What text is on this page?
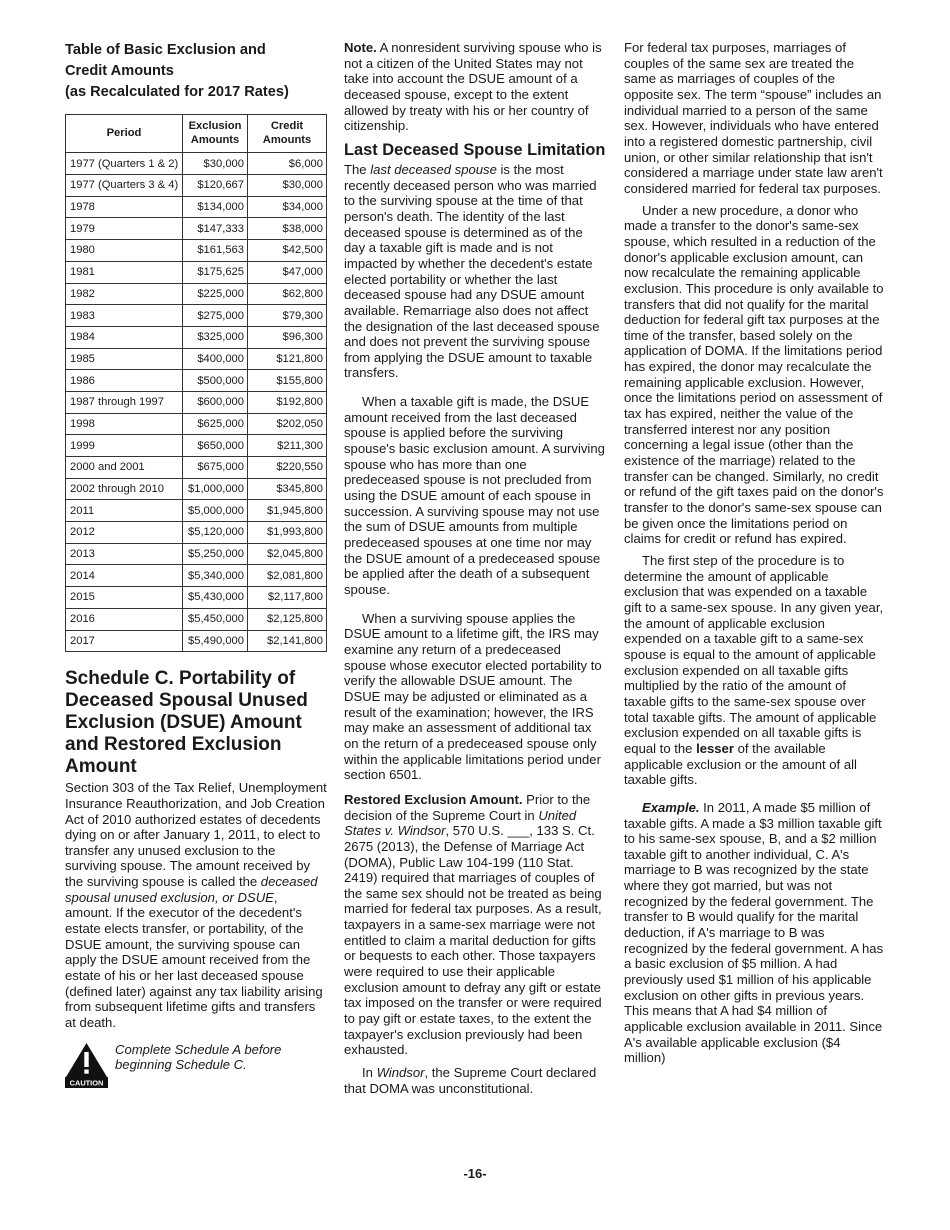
Table of Basic Exclusion and
Credit Amounts
(as Recalculated for 2017 Rates)
Period	Exclusion Amounts	Credit Amounts
1977 (Quarters 1 & 2)	$30,000	$6,000
1977 (Quarters 3 & 4)	$120,667	$30,000
1978	$134,000	$34,000
1979	$147,333	$38,000
1980	$161,563	$42,500
1981	$175,625	$47,000
1982	$225,000	$62,800
1983	$275,000	$79,300
1984	$325,000	$96,300
1985	$400,000	$121,800
1986	$500,000	$155,800
1987 through 1997	$600,000	$192,800
1998	$625,000	$202,050
1999	$650,000	$211,300
2000 and 2001	$675,000	$220,550
2002 through 2010	$1,000,000	$345,800
2011	$5,000,000	$1,945,800
2012	$5,120,000	$1,993,800
2013	$5,250,000	$2,045,800
2014	$5,340,000	$2,081,800
2015	$5,430,000	$2,117,800
2016	$5,450,000	$2,125,800
2017	$5,490,000	$2,141,800
Schedule C. Portability of Deceased Spousal Unused Exclusion (DSUE) Amount and Restored Exclusion Amount

Section 303 of the Tax Relief, Unemployment Insurance Reauthorization, and Job Creation Act of 2010 authorized estates of decedents dying on or after January 1, 2011, to elect to transfer any unused exclusion to the surviving spouse. The amount received by the surviving spouse is called the deceased spousal unused exclusion, or DSUE, amount. If the executor of the decedent's estate elects transfer, or portability, of the DSUE amount, the surviving spouse can apply the DSUE amount received from the estate of his or her last deceased spouse (defined later) against any tax liability arising from subsequent lifetime gifts and transfers at death.

CAUTION

Complete Schedule A before beginning Schedule C.

Note. A nonresident surviving spouse who is not a citizen of the United States may not take into account the DSUE amount of a deceased spouse, except to the extent allowed by treaty with his or her country of citizenship.

Last Deceased Spouse Limitation

The last deceased spouse is the most recently deceased person who was married to the surviving spouse at the time of that person's death. The identity of the last deceased spouse is determined as of the day a taxable gift is made and is not impacted by whether the decedent's estate elected portability or whether the last deceased spouse had any DSUE amount available. Remarriage also does not affect the designation of the last deceased spouse and does not prevent the surviving spouse from applying the DSUE amount to taxable transfers.

When a taxable gift is made, the DSUE amount received from the last deceased spouse is applied before the surviving spouse's basic exclusion amount. A surviving spouse who has more than one predeceased spouse is not precluded from using the DSUE amount of each spouse in succession. A surviving spouse may not use the sum of DSUE amounts from multiple predeceased spouses at one time nor may the DSUE amount of a predeceased spouse be applied after the death of a subsequent spouse.

When a surviving spouse applies the DSUE amount to a lifetime gift, the IRS may examine any return of a predeceased spouse whose executor elected portability to verify the allowable DSUE amount. The DSUE may be adjusted or eliminated as a result of the examination; however, the IRS may make an assessment of additional tax on the return of a predeceased spouse only within the applicable limitations period under section 6501.

Restored Exclusion Amount. Prior to the decision of the Supreme Court in United States v. Windsor, 570 U.S. ___, 133 S. Ct. 2675 (2013), the Defense of Marriage Act (DOMA), Public Law 104-199 (110 Stat. 2419) required that marriages of couples of the same sex should not be treated as being married for federal tax purposes. As a result, taxpayers in a same-sex marriage were not entitled to claim a marital deduction for gifts or bequests to each other. Those taxpayers were required to use their applicable exclusion amount to defray any gift or estate tax imposed on the transfer or were required to pay gift or estate taxes, to the extent the taxpayer's exclusion previously had been exhausted.

In Windsor, the Supreme Court declared that DOMA was unconstitutional.

For federal tax purposes, marriages of couples of the same sex are treated the same as marriages of couples of the opposite sex. The term “spouse” includes an individual married to a person of the same sex. However, individuals who have entered into a registered domestic partnership, civil union, or other similar relationship that isn't considered a marriage under state law aren't considered married for federal tax purposes.

Under a new procedure, a donor who made a transfer to the donor's same-sex spouse, which resulted in a reduction of the donor's applicable exclusion amount, can now recalculate the remaining applicable exclusion. This procedure is only available to transfers that did not qualify for the marital deduction for federal gift tax purposes at the time of the transfer, based solely on the application of DOMA. If the limitations period has expired, the donor may recalculate the remaining applicable exclusion. However, once the limitations period on assessment of tax has expired, neither the value of the transferred interest nor any position concerning a legal issue (other than the existence of the marriage) related to the transfer can be changed. Similarly, no credit or refund of the gift taxes paid on the donor's transfer to the donor's same-sex spouse can be given once the limitations period on claims for credit or refund has expired.

The first step of the procedure is to determine the amount of applicable exclusion that was expended on a taxable gift to a same-sex spouse. In any given year, the amount of applicable exclusion expended on a taxable gift to a same-sex spouse is equal to the amount of applicable exclusion expended on all taxable gifts multiplied by the ratio of the amount of taxable gifts to the same-sex spouse over total taxable gifts. The amount of applicable exclusion expended on all taxable gifts is equal to the lesser of the available applicable exclusion or the amount of all taxable gifts.

Example. In 2011, A made $5 million of taxable gifts. A made a $3 million taxable gift to his same-sex spouse, B, and a $2 million taxable gift to another individual, C. A's marriage to B was recognized by the state where they got married, but was not recognized by the federal government. The transfer to B would qualify for the marital deduction, if A's marriage to B was recognized by the federal government. A has a basic exclusion of $5 million. A had previously used $1 million of his applicable exclusion on other gifts in previous years. This means that A had $4 million of applicable exclusion available in 2011. Since A's available applicable exclusion ($4 million)

-16-
